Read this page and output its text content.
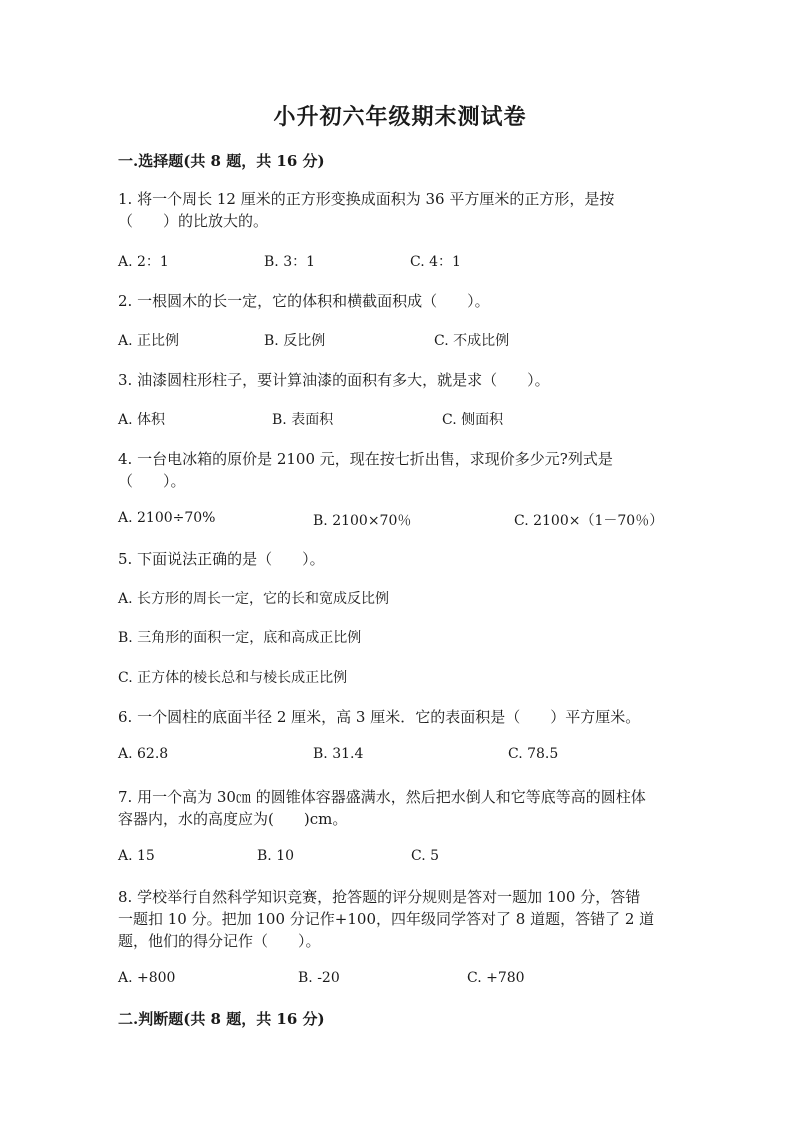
小升初六年级期末测试卷
一.选择题(共 8 题，共 16 分)
1. 将一个周长 12 厘米的正方形变换成面积为 36 平方厘米的正方形，是按
（　　）的比放大的。
A. 2：1	B. 3：1	C. 4：1
2. 一根圆木的长一定，它的体积和横截面积成（　　）。
A. 正比例	B. 反比例	C. 不成比例
3. 油漆圆柱形柱子，要计算油漆的面积有多大，就是求（　　）。
A. 体积	B. 表面积	C. 侧面积
4. 一台电冰箱的原价是 2100 元，现在按七折出售，求现价多少元?列式是
（　　）。
A. 2100÷70%	B. 2100×70％	C. 2100×（1－70％）
5. 下面说法正确的是（　　）。
A. 长方形的周长一定，它的长和宽成反比例
B. 三角形的面积一定，底和高成正比例
C. 正方体的棱长总和与棱长成正比例
6. 一个圆柱的底面半径 2 厘米，高 3 厘米．它的表面积是（　　）平方厘米。
A. 62.8	B. 31.4	C. 78.5
7. 用一个高为 30㎝ 的圆锥体容器盛满水，然后把水倒人和它等底等高的圆柱体
容器内，水的高度应为(　　)cm。
A. 15	B. 10	C. 5
8. 学校举行自然科学知识竞赛，抢答题的评分规则是答对一题加 100 分，答错
一题扣 10 分。把加 100 分记作+100，四年级同学答对了 8 道题，答错了 2 道
题，他们的得分记作（　　）。
A. +800	B. -20	C. +780
二.判断题(共 8 题，共 16 分)
